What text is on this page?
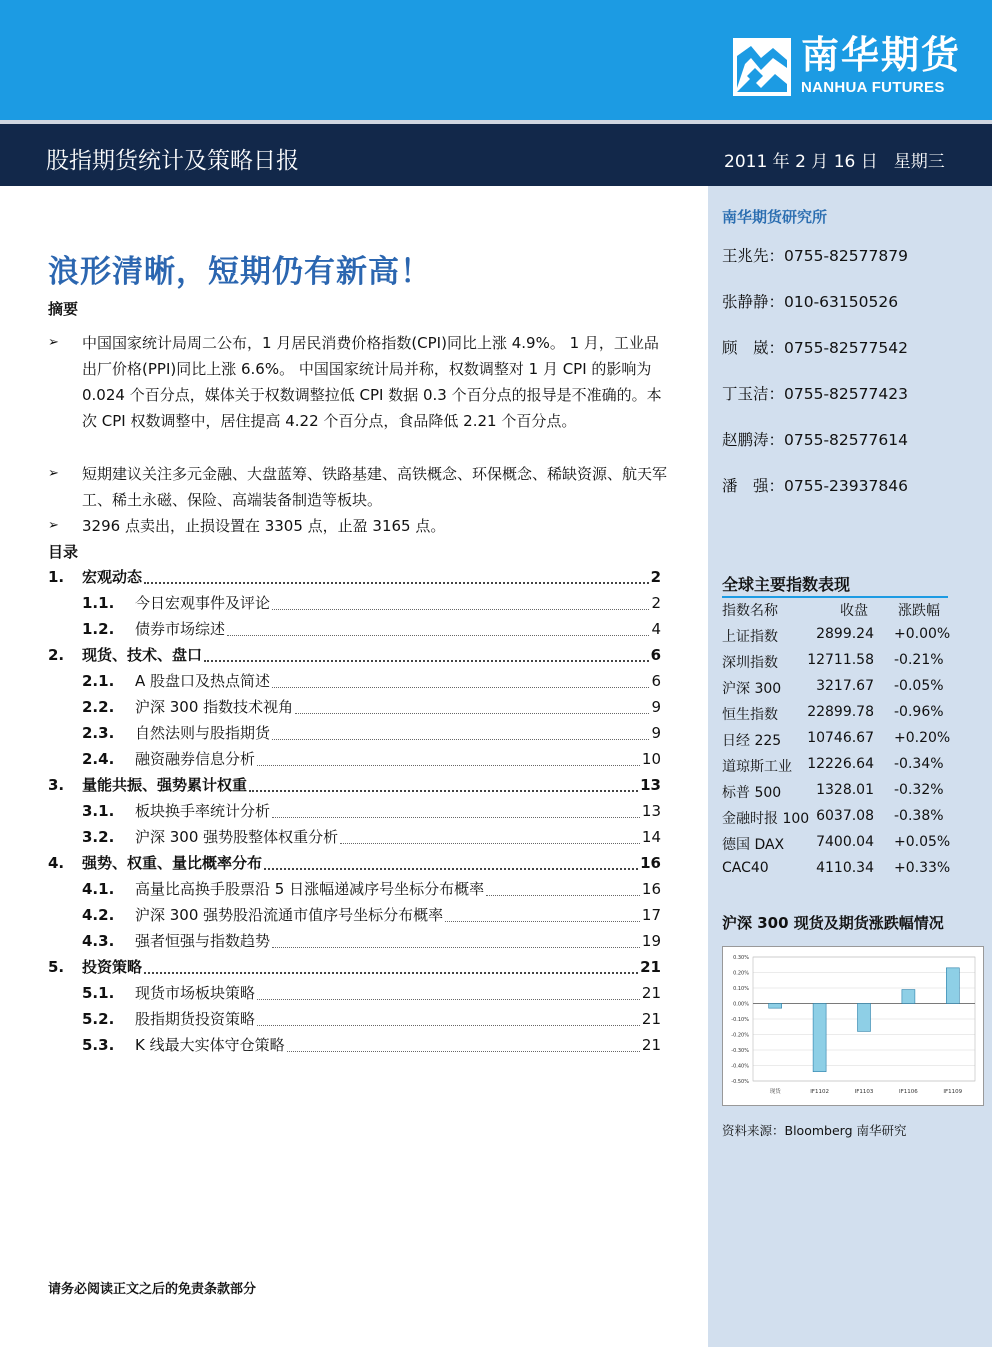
南华期货
NANHUA FUTURES
股指期货统计及策略日报	2011 年 2 月 16 日 星期三
南华期货研究所
王兆先：0755-82577879
张静静：010-63150526
顾　崴：0755-82577542
丁玉洁：0755-82577423
赵鹏涛：0755-82577614
潘　强：0755-23937846
全球主要指数表现
指数名称	收盘 涨跌幅
上证指数	2899.24 +0.00%
深圳指数 12711.58 -0.21%
沪深 300 3217.67 -0.05%
恒生指数 22899.78 -0.96%
日经 225 10746.67 +0.20%
道琼斯工业 12226.64 -0.34%
标普 500 1328.01 -0.32%
金融时报 100 6037.08 -0.38%
德国 DAX 7400.04 +0.05%
CAC40	4110.34 +0.33%
沪深 300 现货及期货涨跌幅情况
0.30%
0.20%
0.10%
0.00%
-0.10%
-0.20%
-0.30%
-0.40%
-0.50%
现货	IF1102	IF1103	IF1106	IF1109
资料来源：Bloomberg 南华研究
浪形清晰，短期仍有新高！
摘要
➢ 中国国家统计局周二公布，1 月居民消费价格指数(CPI)同比上涨 4.9%。 1 月，工业品出厂价格(PPI)同比上涨 6.6%。 中国国家统计局并称，权数调整对 1 月 CPI 的影响为 0.024 个百分点，媒体关于权数调整拉低 CPI 数据 0.3 个百分点的报导是不准确的。本次 CPI 权数调整中，居住提高 4.22 个百分点，食品降低 2.21 个百分点。
➢ 短期建议关注多元金融、大盘蓝筹、铁路基建、高铁概念、环保概念、稀缺资源、航天军工、稀土永磁、保险、高端装备制造等板块。
➢ 3296 点卖出，止损设置在 3305 点，止盈 3165 点。
目录
1.	宏观动态	2
1.1.	今日宏观事件及评论	2
1.2.	债券市场综述	4
2.	现货、技术、盘口	6
2.1.	A 股盘口及热点简述	6
2.2.	沪深 300 指数技术视角	9
2.3.	自然法则与股指期货	9
2.4.	融资融券信息分析	10
3.	量能共振、强势累计权重	13
3.1.	板块换手率统计分析	13
3.2.	沪深 300 强势股整体权重分析	14
4.	强势、权重、量比概率分布	16
4.1.	高量比高换手股票沿 5 日涨幅递减序号坐标分布概率	16
4.2.	沪深 300 强势股沿流通市值序号坐标分布概率	17
4.3.	强者恒强与指数趋势	19
5.	投资策略	21
5.1.	现货市场板块策略	21
5.2.	股指期货投资策略	21
5.3.	K 线最大实体守仓策略	21
请务必阅读正文之后的免责条款部分
